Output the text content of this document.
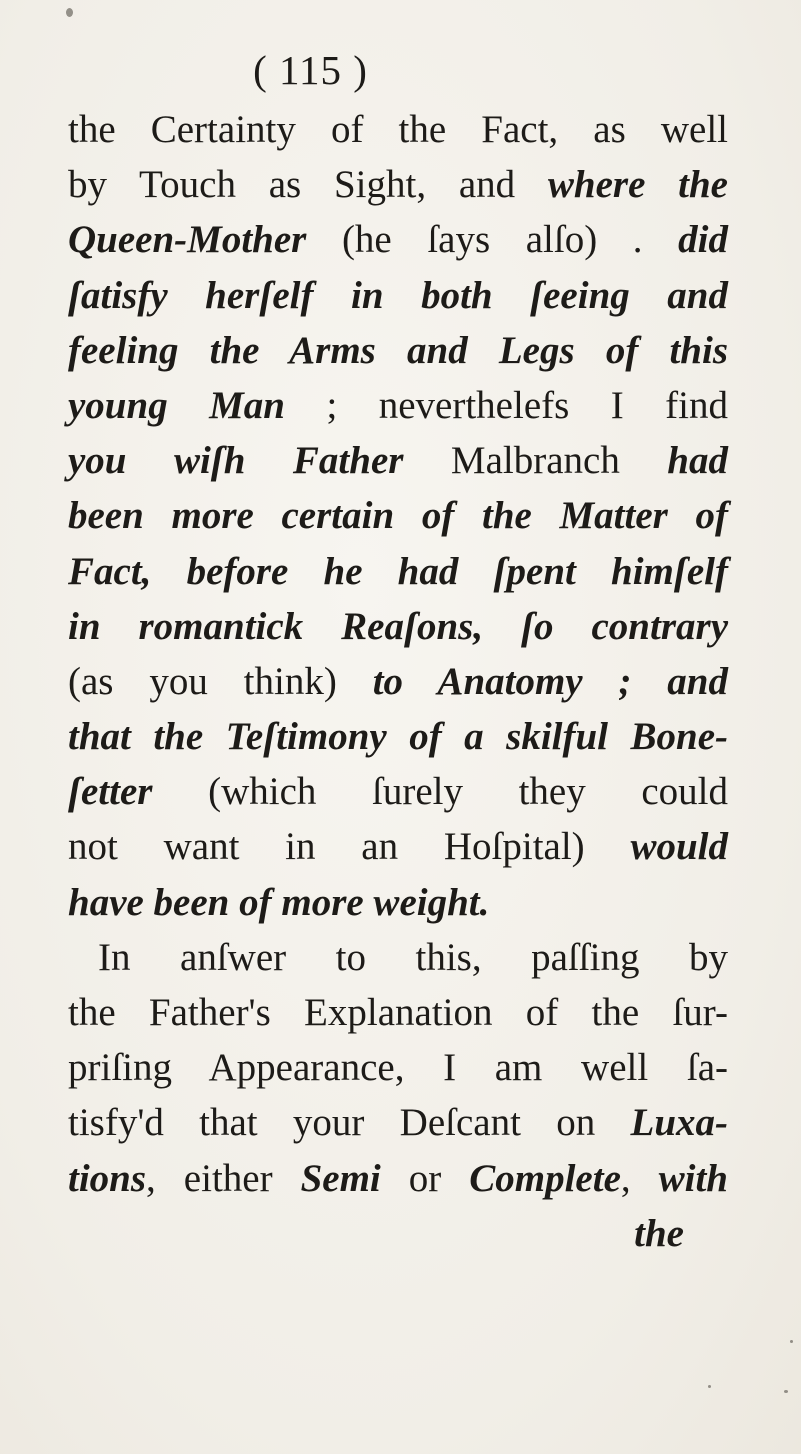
( 115 )
the Certainty of the Fact, as well
by Touch as Sight, and where the
Queen-Mother (he ſays alſo) . did
ſatisfy herſelf in both ſeeing and
feeling the Arms and Legs of this
young Man ; neverthelefs I find
you wiſh Father Malbranch had
been more certain of the Matter of
Fact, before he had ſpent himſelf
in romantick Reaſons, ſo contrary
(as you think) to Anatomy ; and
that the Teſtimony of a skilful Bone-
ſetter (which ſurely they could
not want in an Hoſpital) would
have been of more weight.
In anſwer to this, paſſing by
the Father's Explanation of the ſur-
priſing Appearance, I am well ſa-
tisfy'd that your Deſcant on Luxa-
tions, either Semi or Complete, with
the
